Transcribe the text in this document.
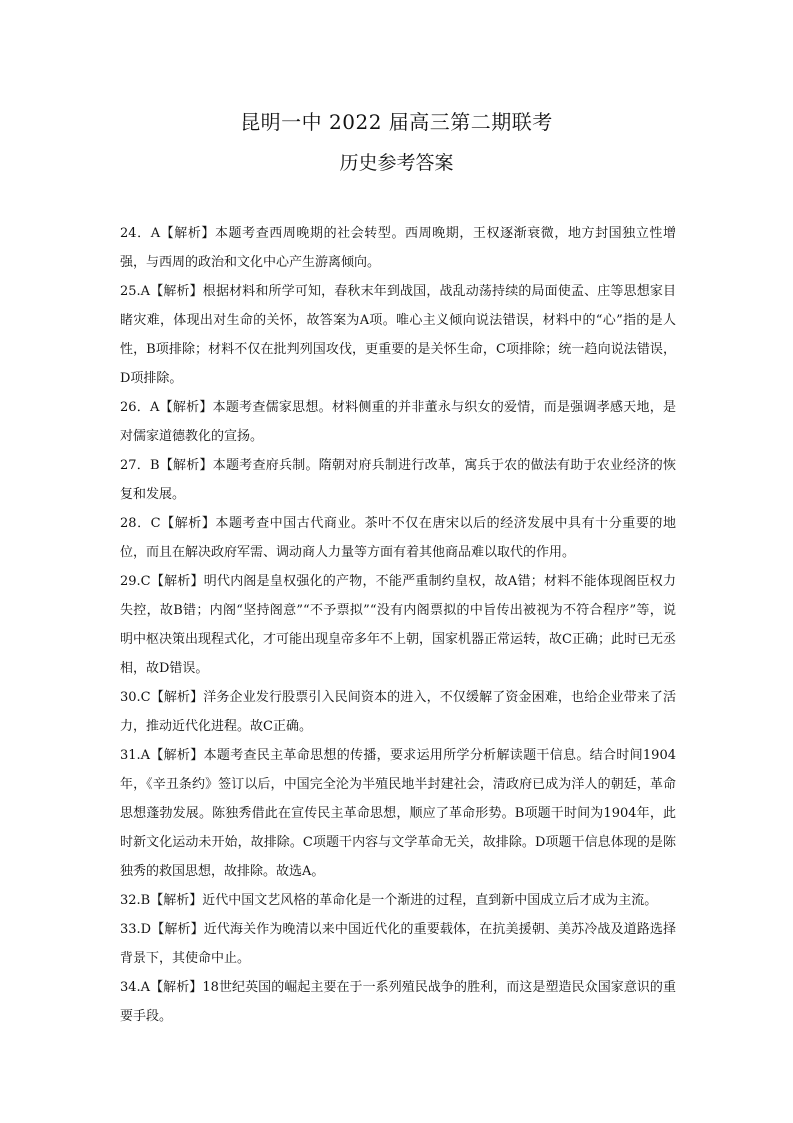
昆明一中 2022 届高三第二期联考
历史参考答案
24．A【解析】本题考查西周晚期的社会转型。西周晚期，王权逐渐衰微，地方封国独立性增强，与西周的政治和文化中心产生游离倾向。
25.A【解析】根据材料和所学可知，春秋末年到战国，战乱动荡持续的局面使孟、庄等思想家目睹灾难，体现出对生命的关怀，故答案为A项。唯心主义倾向说法错误，材料中的“心”指的是人性，B项排除；材料不仅在批判列国攻伐，更重要的是关怀生命，C项排除；统一趋向说法错误，D项排除。
26．A【解析】本题考查儒家思想。材料侧重的并非董永与织女的爱情，而是强调孝感天地，是对儒家道德教化的宣扬。
27．B【解析】本题考查府兵制。隋朝对府兵制进行改革，寓兵于农的做法有助于农业经济的恢复和发展。
28．C【解析】本题考查中国古代商业。茶叶不仅在唐宋以后的经济发展中具有十分重要的地位，而且在解决政府军需、调动商人力量等方面有着其他商品难以取代的作用。
29.C【解析】明代内阁是皇权强化的产物，不能严重制约皇权，故A错；材料不能体现阁臣权力失控，故B错；内阁“坚持阁意”“不予票拟”“没有内阁票拟的中旨传出被视为不符合程序”等，说明中枢决策出现程式化，才可能出现皇帝多年不上朝，国家机器正常运转，故C正确；此时已无丞相，故D错误。
30.C【解析】洋务企业发行股票引入民间资本的进入，不仅缓解了资金困难，也给企业带来了活力，推动近代化进程。故C正确。
31.A【解析】本题考查民主革命思想的传播，要求运用所学分析解读题干信息。结合时间1904年，《辛丑条约》签订以后，中国完全沦为半殖民地半封建社会，清政府已成为洋人的朝廷，革命思想蓬勃发展。陈独秀借此在宣传民主革命思想，顺应了革命形势。B项题干时间为1904年，此时新文化运动未开始，故排除。C项题干内容与文学革命无关，故排除。D项题干信息体现的是陈独秀的救国思想，故排除。故选A。
32.B【解析】近代中国文艺风格的革命化是一个渐进的过程，直到新中国成立后才成为主流。
33.D【解析】近代海关作为晚清以来中国近代化的重要载体，在抗美援朝、美苏冷战及道路选择背景下，其使命中止。
34.A【解析】18世纪英国的崛起主要在于一系列殖民战争的胜利，而这是塑造民众国家意识的重要手段。
